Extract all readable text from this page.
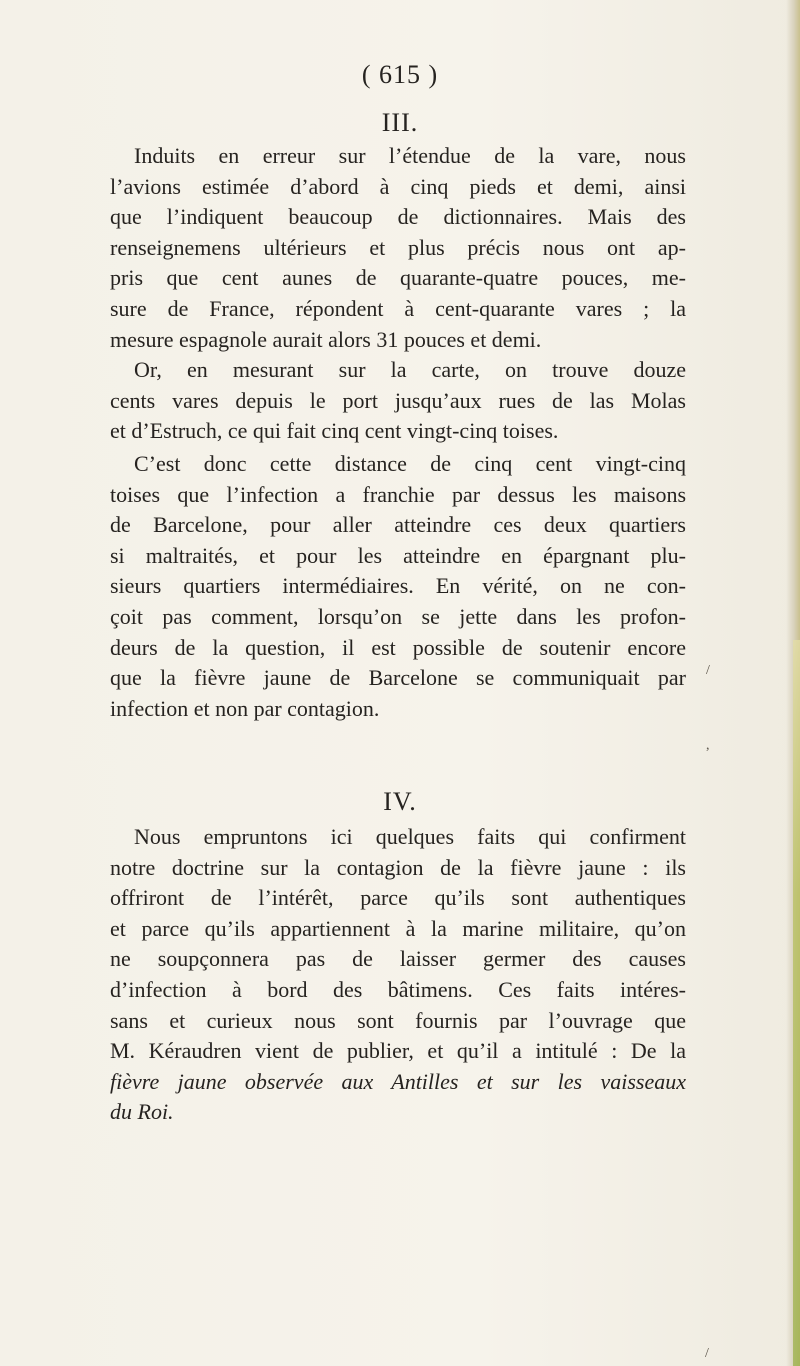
( 615 )
III.

Induits en erreur sur l’étendue de la vare, nous
l’avions estimée d’abord à cinq pieds et demi, ainsi
que l’indiquent beaucoup de dictionnaires. Mais des
renseignemens ultérieurs et plus précis nous ont ap-
pris que cent aunes de quarante-quatre pouces, me-
sure de France, répondent à cent-quarante vares ; la
mesure espagnole aurait alors 31 pouces et demi.
Or, en mesurant sur la carte, on trouve douze
cents vares depuis le port jusqu’aux rues de las Molas
et d’Estruch, ce qui fait cinq cent vingt-cinq toises.

C’est donc cette distance de cinq cent vingt-cinq
toises que l’infection a franchie par dessus les maisons
de Barcelone, pour aller atteindre ces deux quartiers
si maltraités, et pour les atteindre en épargnant plu-
sieurs quartiers intermédiaires. En vérité, on ne con-
çoit pas comment, lorsqu’on se jette dans les profon-
deurs de la question, il est possible de soutenir encore
que la fièvre jaune de Barcelone se communiquait par
infection et non par contagion.

IV.

Nous empruntons ici quelques faits qui confirment
notre doctrine sur la contagion de la fièvre jaune : ils
offriront de l’intérêt, parce qu’ils sont authentiques
et parce qu’ils appartiennent à la marine militaire, qu’on
ne soupçonnera pas de laisser germer des causes
d’infection à bord des bâtimens. Ces faits intéres-
sans et curieux nous sont fournis par l’ouvrage que
M. Kéraudren vient de publier, et qu’il a intitulé : De la
fièvre jaune observée aux Antilles et sur les vaisseaux
du Roi.

/
,
/
